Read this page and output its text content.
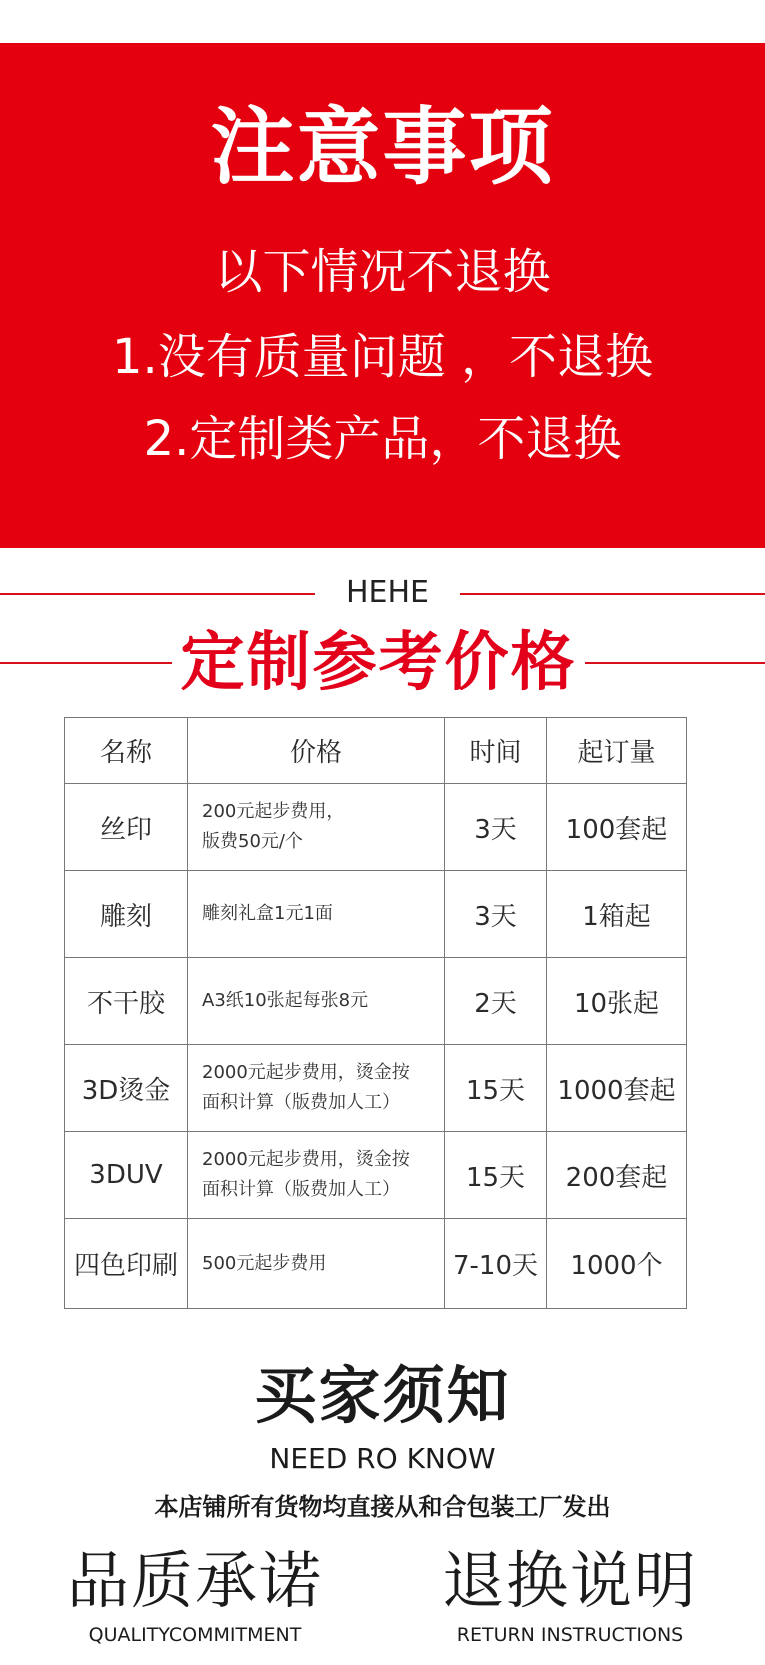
注意事项
以下情况不退换
1.没有质量问题 ，不退换
2.定制类产品，不退换
HEHE
定制参考价格
名称	价格	时间	起订量
丝印	200元起步费用，
版费50元/个	3天	100套起
雕刻	雕刻礼盒1元1面	3天	1箱起
不干胶	A3纸10张起每张8元	2天	10张起
3D烫金	2000元起步费用，烫金按
面积计算（版费加人工）	15天	1000套起
3DUV	2000元起步费用，烫金按
面积计算（版费加人工）	15天	200套起
四色印刷	500元起步费用	7-10天	1000个
买家须知
NEED RO KNOW
本店铺所有货物均直接从和合包装工厂发出
品质承诺
QUALITYCOMMITMENT
退换说明
RETURN INSTRUCTIONS
